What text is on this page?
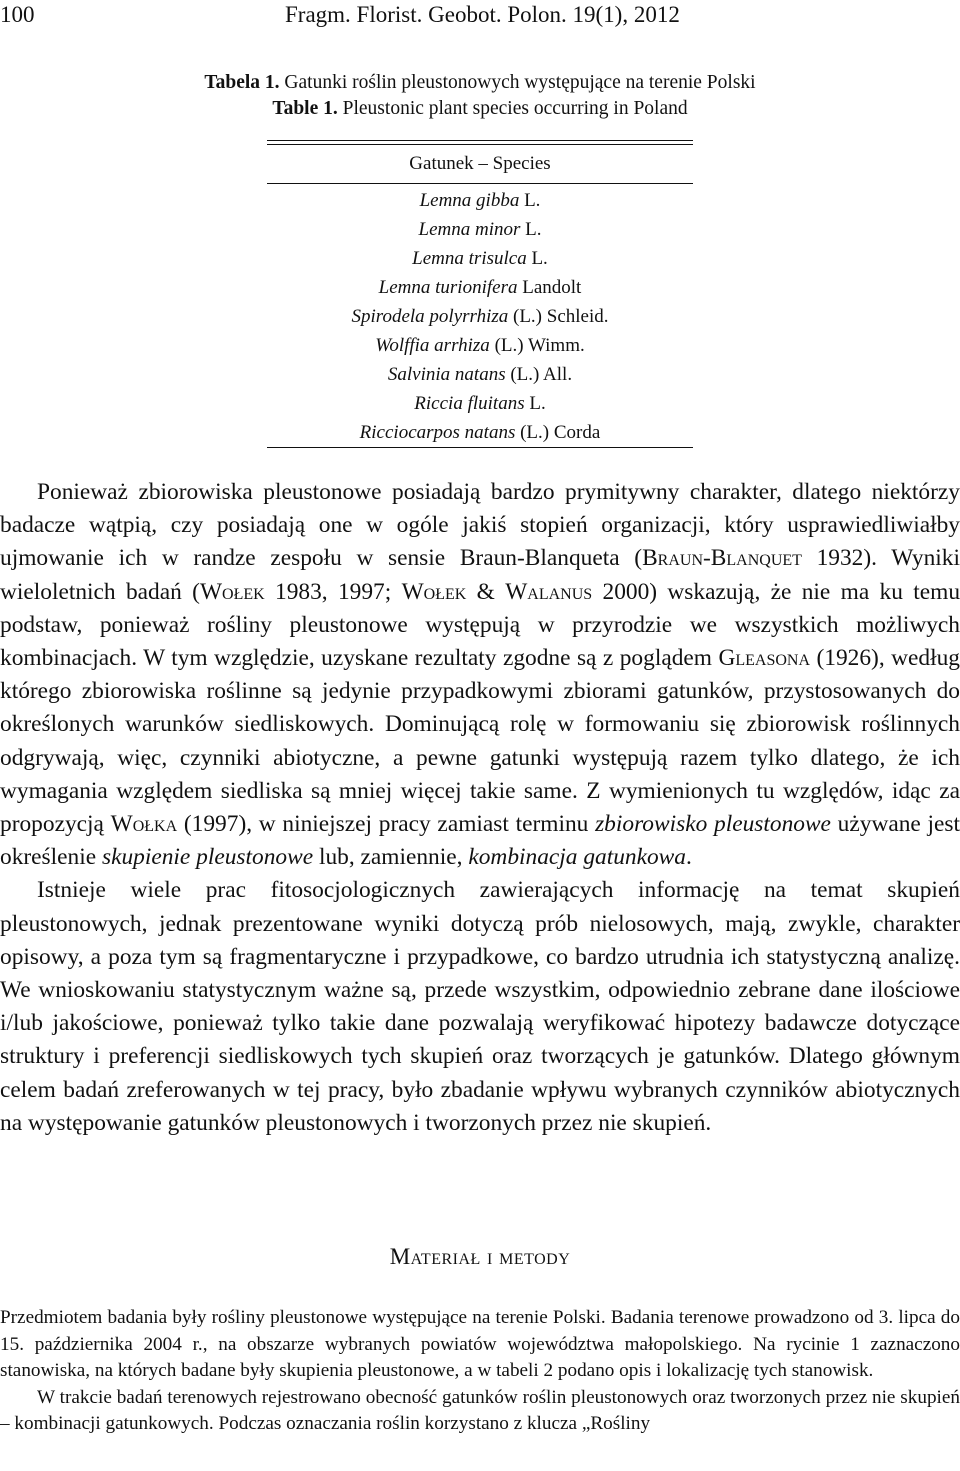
100	Fragm. Florist. Geobot. Polon. 19(1), 2012
Tabela 1. Gatunki roślin pleustonowych występujące na terenie Polski
Table 1. Pleustonic plant species occurring in Poland
Gatunek – Species
Lemna gibba L.
Lemna minor L.
Lemna trisulca L.
Lemna turionifera Landolt
Spirodela polyrrhiza (L.) Schleid.
Wolffia arrhiza (L.) Wimm.
Salvinia natans (L.) All.
Riccia fluitans L.
Ricciocarpos natans (L.) Corda

Ponieważ zbiorowiska pleustonowe posiadają bardzo prymitywny charakter, dlatego niektórzy badacze wątpią, czy posiadają one w ogóle jakiś stopień organizacji, który usprawiedliwiałby ujmowanie ich w randze zespołu w sensie Braun-Blanqueta (Braun-Blanquet 1932). Wyniki wieloletnich badań (Wołek 1983, 1997; Wołek & Walanus 2000) wskazują, że nie ma ku temu podstaw, ponieważ rośliny pleustonowe występują w przyrodzie we wszystkich możliwych kombinacjach. W tym względzie, uzyskane rezultaty zgodne są z poglądem Gleasona (1926), według którego zbiorowiska roślinne są jedynie przypadkowymi zbiorami gatunków, przystosowanych do określonych warunków siedliskowych. Dominującą rolę w formowaniu się zbiorowisk roślinnych odgrywają, więc, czynniki abiotyczne, a pewne gatunki występują razem tylko dlatego, że ich wymagania względem siedliska są mniej więcej takie same. Z wymienionych tu względów, idąc za propozycją Wołka (1997), w niniejszej pracy zamiast terminu zbiorowisko pleustonowe używane jest określenie skupienie pleustonowe lub, zamiennie, kombinacja gatunkowa.

Istnieje wiele prac fitosocjologicznych zawierających informację na temat skupień pleustonowych, jednak prezentowane wyniki dotyczą prób nielosowych, mają, zwykle, charakter opisowy, a poza tym są fragmentaryczne i przypadkowe, co bardzo utrudnia ich statystyczną analizę. We wnioskowaniu statystycznym ważne są, przede wszystkim, odpowiednio zebrane dane ilościowe i/lub jakościowe, ponieważ tylko takie dane pozwalają weryfikować hipotezy badawcze dotyczące struktury i preferencji siedliskowych tych skupień oraz tworzących je gatunków. Dlatego głównym celem badań zreferowanych w tej pracy, było zbadanie wpływu wybranych czynników abiotycznych na występowanie gatunków pleustonowych i tworzonych przez nie skupień.

Materiał i metody

Przedmiotem badania były rośliny pleustonowe występujące na terenie Polski. Badania terenowe prowadzono od 3. lipca do 15. października 2004 r., na obszarze wybranych powiatów województwa małopolskiego. Na rycinie 1 zaznaczono stanowiska, na których badane były skupienia pleustonowe, a w tabeli 2 podano opis i lokalizację tych stanowisk.

W trakcie badań terenowych rejestrowano obecność gatunków roślin pleustonowych oraz tworzonych przez nie skupień – kombinacji gatunkowych. Podczas oznaczania roślin korzystano z klucza „Rośliny
